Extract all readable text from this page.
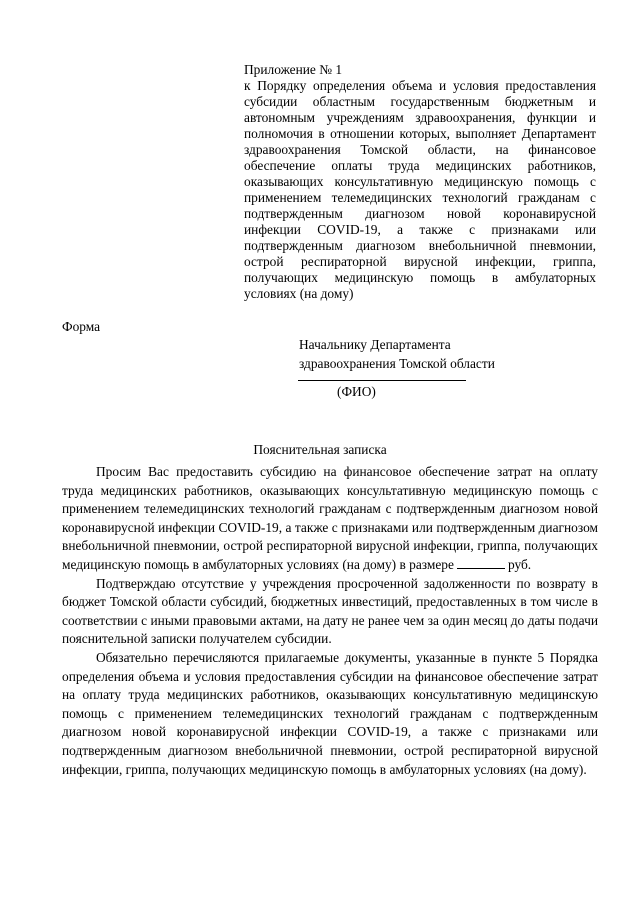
Приложение № 1
к Порядку определения объема и условия предоставления субсидии областным государственным бюджетным и автономным учреждениям здравоохранения, функции и полномочия в отношении которых, выполняет Департамент здравоохранения Томской области, на финансовое обеспечение оплаты труда медицинских работников, оказывающих консультативную медицинскую помощь с применением телемедицинских технологий гражданам с подтвержденным диагнозом новой коронавирусной инфекции COVID-19, а также с признаками или подтвержденным диагнозом внебольничной пневмонии, острой респираторной вирусной инфекции, гриппа, получающих медицинскую помощь в амбулаторных условиях (на дому)
Форма
Начальнику Департамента
здравоохранения Томской области
(ФИО)
Пояснительная записка

Просим Вас предоставить субсидию на финансовое обеспечение затрат на оплату труда медицинских работников, оказывающих консультативную медицинскую помощь с применением телемедицинских технологий гражданам с подтвержденным диагнозом новой коронавирусной инфекции COVID-19, а также с признаками или подтвержденным диагнозом внебольничной пневмонии, острой респираторной вирусной инфекции, гриппа, получающих медицинскую помощь в амбулаторных условиях (на дому) в размере	руб.

Подтверждаю отсутствие у учреждения просроченной задолженности по возврату в бюджет Томской области субсидий, бюджетных инвестиций, предоставленных в том числе в соответствии с иными правовыми актами, на дату не ранее чем за один месяц до даты подачи пояснительной записки получателем субсидии.

Обязательно перечисляются прилагаемые документы, указанные в пункте 5 Порядка определения объема и условия предоставления субсидии на финансовое обеспечение затрат на оплату труда медицинских работников, оказывающих консультативную медицинскую помощь с применением телемедицинских технологий гражданам с подтвержденным диагнозом новой коронавирусной инфекции COVID-19, а также с признаками или подтвержденным диагнозом внебольничной пневмонии, острой респираторной вирусной инфекции, гриппа, получающих медицинскую помощь в амбулаторных условиях (на дому).
